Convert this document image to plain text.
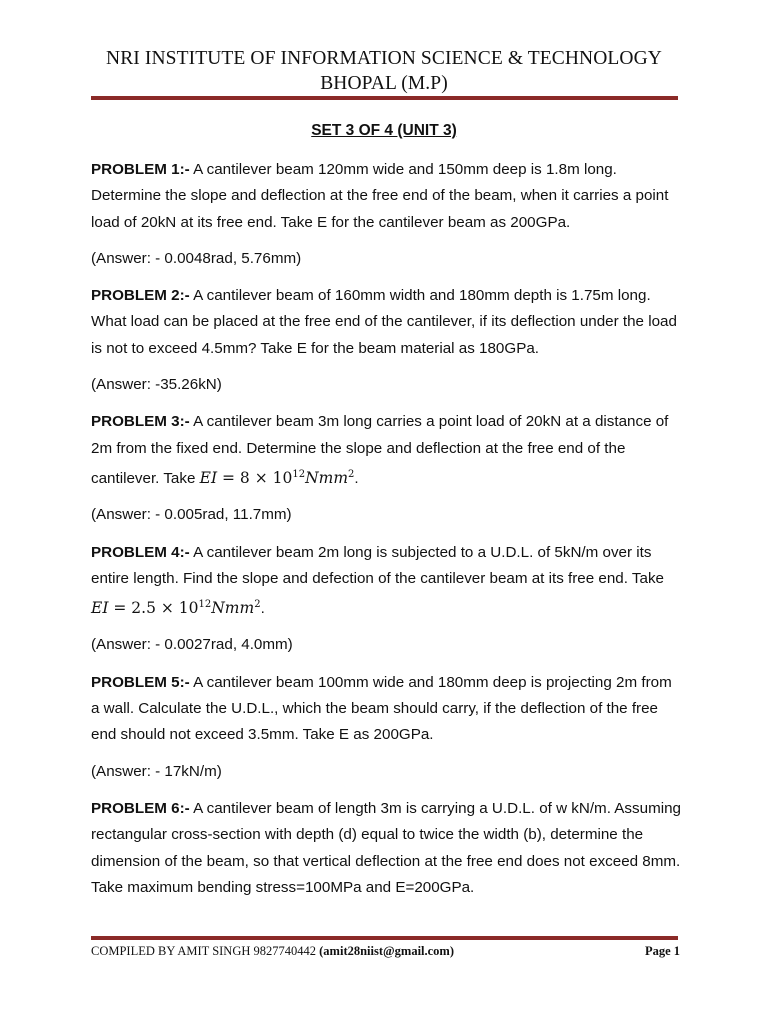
NRI INSTITUTE OF INFORMATION SCIENCE & TECHNOLOGY
BHOPAL (M.P)
SET 3 OF 4 (UNIT 3)

PROBLEM 1:- A cantilever beam 120mm wide and 150mm deep is 1.8m long. Determine the slope and deflection at the free end of the beam, when it carries a point load of 20kN at its free end. Take E for the cantilever beam as 200GPa.

(Answer: - 0.0048rad, 5.76mm)

PROBLEM 2:- A cantilever beam of 160mm width and 180mm depth is 1.75m long. What load can be placed at the free end of the cantilever, if its deflection under the load is not to exceed 4.5mm? Take E for the beam material as 180GPa.

(Answer: -35.26kN)

PROBLEM 3:- A cantilever beam 3m long carries a point load of 20kN at a distance of 2m from the fixed end. Determine the slope and deflection at the free end of the cantilever. Take EI = $8 \times 10^{12}Nmm^2$.

(Answer: - 0.005rad, 11.7mm)

PROBLEM 4:- A cantilever beam 2m long is subjected to a U.D.L. of 5kN/m over its entire length. Find the slope and defection of the cantilever beam at its free end. Take EI = $2.5 \times 10^{12}Nmm^2$.

(Answer: - 0.0027rad, 4.0mm)

PROBLEM 5:- A cantilever beam 100mm wide and 180mm deep is projecting 2m from a wall. Calculate the U.D.L., which the beam should carry, if the deflection of the free end should not exceed 3.5mm. Take E as 200GPa.

(Answer: - 17kN/m)

PROBLEM 6:- A cantilever beam of length 3m is carrying a U.D.L. of w kN/m. Assuming rectangular cross-section with depth (d) equal to twice the width (b), determine the dimension of the beam, so that vertical deflection at the free end does not exceed 8mm. Take maximum bending stress=100MPa and E=200GPa.

COMPILED BY AMIT SINGH 9827740442 (amit28niist@gmail.com)	Page 1
